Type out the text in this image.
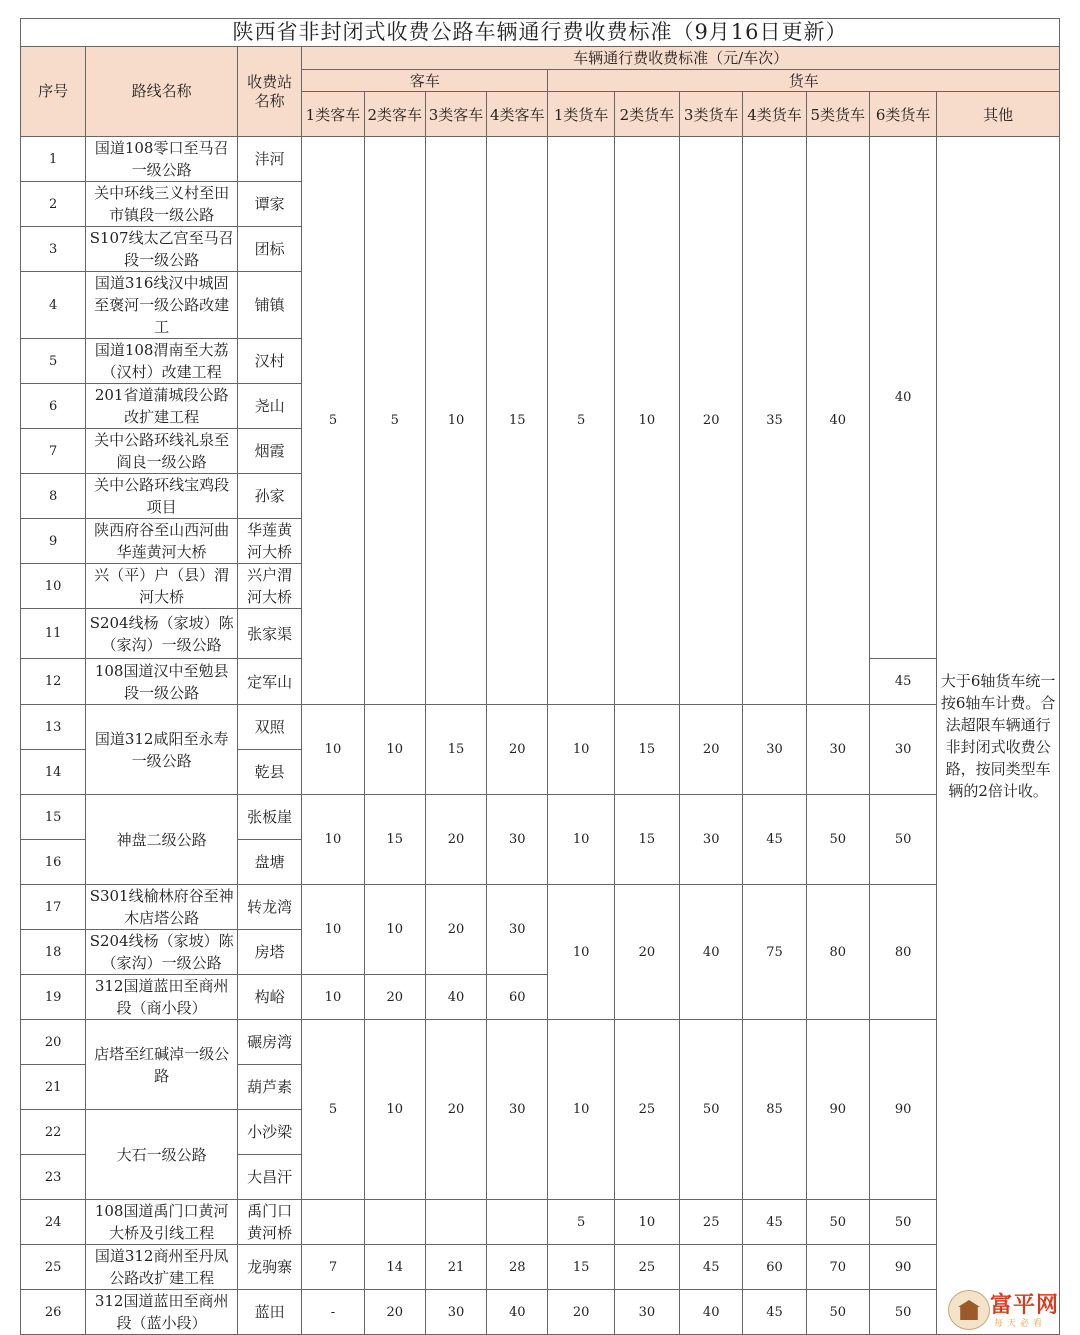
陕西省非封闭式收费公路车辆通行费收费标准（9月16日更新）
序号	路线名称	收费站名称	车辆通行费收费标准（元/车次）										
			客车				货车						
			1类客车	2类客车	3类客车	4类客车	1类货车	2类货车	3类货车	4类货车	5类货车	6类货车	其他
1	国道108零口至马召一级公路	沣河	5	5	10	15	5	10	20	35	40	40	大于6轴货车统一按6轴车计费。合法超限车辆通行非封闭式收费公路，按同类型车辆的2倍计收。
2	关中环线三义村至田市镇段一级公路	谭家											
3	S107线太乙宫至马召段一级公路	团标											
4	国道316线汉中城固至褒河一级公路改建工	铺镇											
5	国道108渭南至大荔（汉村）改建工程	汉村											
6	201省道蒲城段公路改扩建工程	尧山											
7	关中公路环线礼泉至阎良一级公路	烟霞											
8	关中公路环线宝鸡段项目	孙家											
9	陕西府谷至山西河曲华莲黄河大桥	华莲黄河大桥											
10	兴（平）户（县）渭河大桥	兴户渭河大桥											
11	S204线杨（家坡）陈（家沟）一级公路	张家渠											
12	108国道汉中至勉县段一级公路	定军山										45	
13	国道312咸阳至永寿一级公路	双照	10	10	15	20	10	15	20	30	30	30	
14		乾县											
15	神盘二级公路	张板崖	10	15	20	30	10	15	30	45	50	50	
16		盘塘											
17	S301线榆林府谷至神木店塔公路	转龙湾	10	10	20	30	10	20	40	75	80	80	
18	S204线杨（家坡）陈（家沟）一级公路	房塔											
19	312国道蓝田至商州段（商小段）	构峪	10	20	40	60							
20	店塔至红碱淖一级公路	碾房湾	5	10	20	30	10	25	50	85	90	90	
21		葫芦素											
22	大石一级公路	小沙梁											
23		大昌汗											
24	108国道禹门口黄河大桥及引线工程	禹门口黄河桥					5	10	25	45	50	50	
25	国道312商州至丹凤公路改扩建工程	龙驹寨	7	14	21	28	15	25	45	60	70	90	
26	312国道蓝田至商州段（蓝小段）	蓝田	-	20	30	40	20	30	40	45	50	50		富平网
每天必看
